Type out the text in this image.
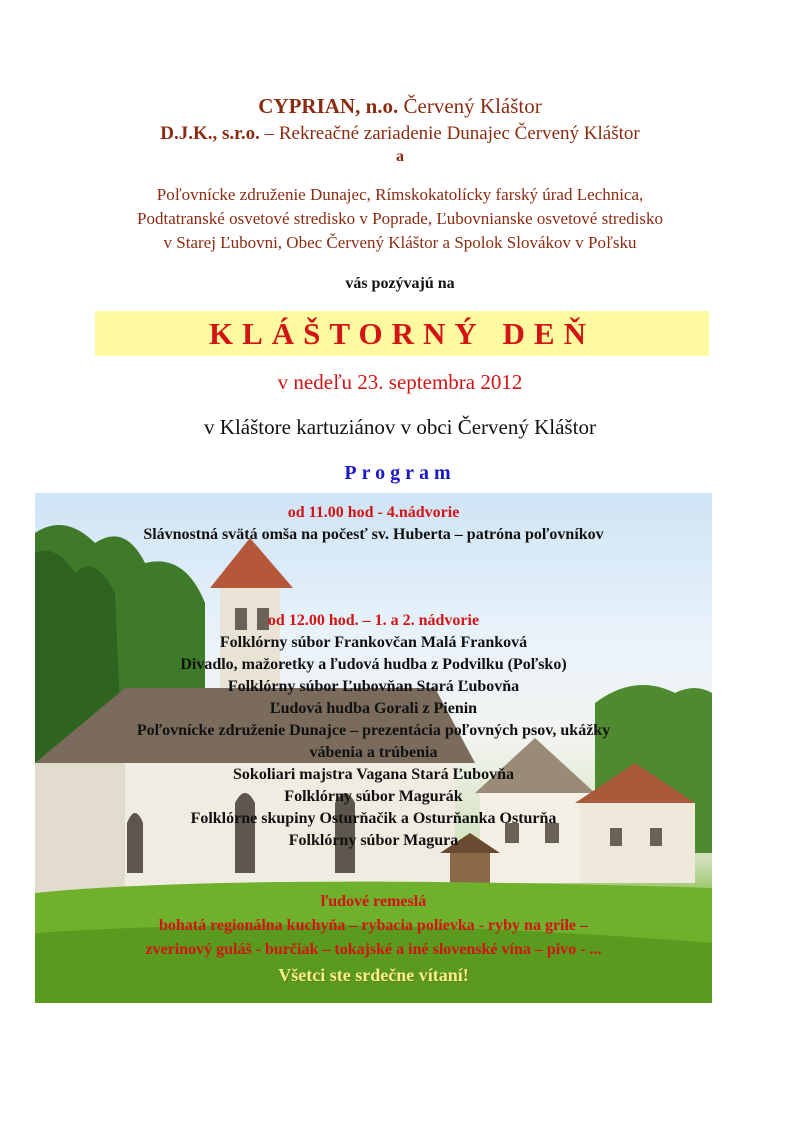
CYPRIAN, n.o. Červený Kláštor
D.J.K., s.r.o. – Rekreačné zariadenie Dunajec Červený Kláštor
a
Poľovnícke združenie Dunajec, Rímskokatolícky farský úrad Lechnica,
Podtatranské osvetové stredisko v Poprade, Ľubovnianske osvetové stredisko
v Starej Ľubovni, Obec Červený Kláštor a Spolok Slovákov v Poľsku
vás pozývajú na
KLÁŠTORNÝ DEŇ
v nedeľu 23. septembra 2012
v Kláštore kartuziánov v obci Červený Kláštor
Program
od 11.00 hod - 4.nádvorie
Slávnostná svätá omša na počesť sv. Huberta – patróna poľovníkov
od 12.00 hod. – 1. a 2. nádvorie
Folklórny súbor Frankovčan Malá Franková
Divadlo, mažoretky a ľudová hudba z Podvilku (Poľsko)
Folklórny súbor Ľubovňan Stará Ľubovňa
Ľudová hudba Gorali z Pienin
Poľovnícke združenie Dunajce – prezentácia poľovných psov, ukážky
vábenia a trúbenia
Sokoliari majstra Vagana Stará Ľubovňa
Folklórny súbor Magurák
Folklórne skupiny Osturňačik a Osturňanka Osturňa
Folklórny súbor Magura
ľudové remeslá
bohatá regionálna kuchyňa – rybacia polievka - ryby na grile –
zverinový guláš - burčiak – tokajské a iné slovenské vína – pivo - ...
Všetci ste srdečne vítaní!
